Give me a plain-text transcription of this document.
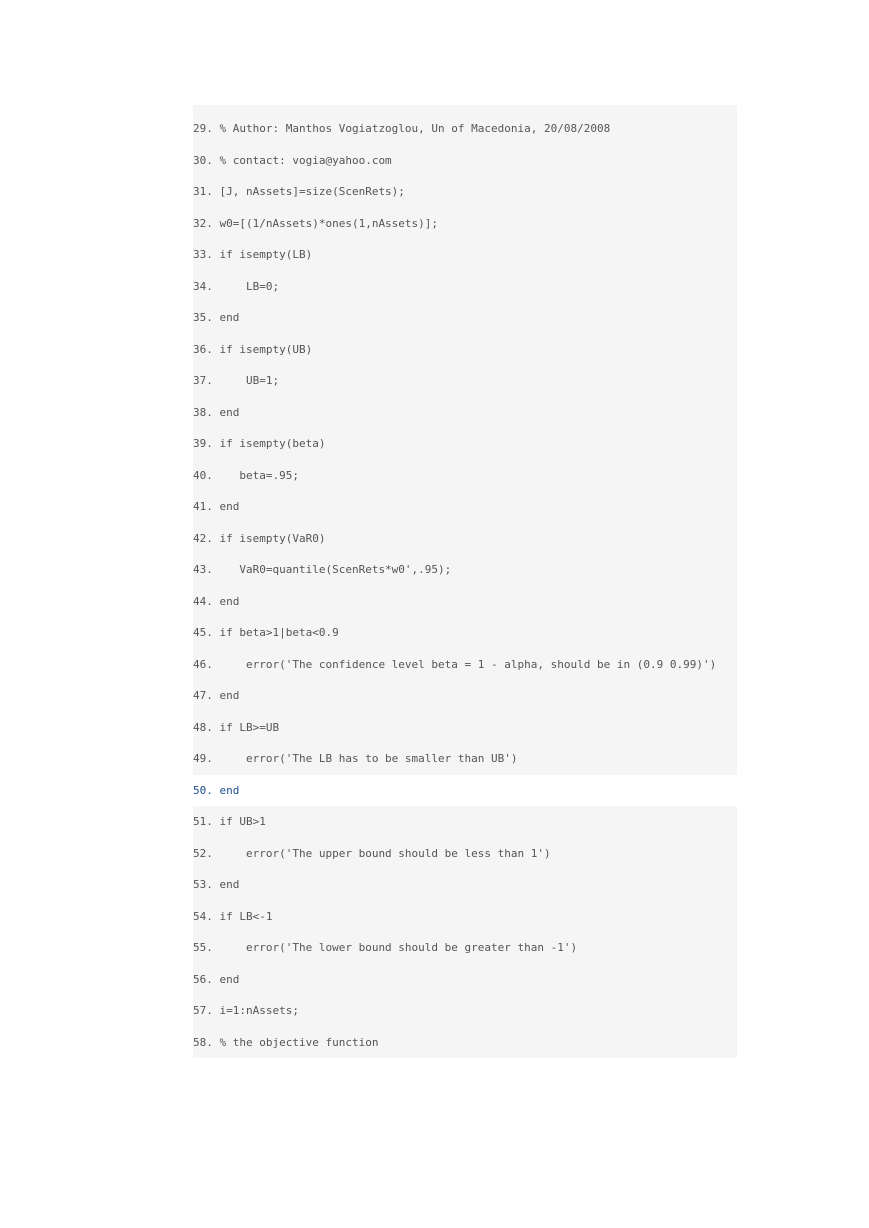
29. % Author: Manthos Vogiatzoglou, Un of Macedonia, 20/08/2008
30. % contact: vogia@yahoo.com
31. [J, nAssets]=size(ScenRets);
32. w0=[(1/nAssets)*ones(1,nAssets)];
33. if isempty(LB)
34.     LB=0;
35. end
36. if isempty(UB)
37.     UB=1;
38. end
39. if isempty(beta)
40.    beta=.95;
41. end
42. if isempty(VaR0)
43.    VaR0=quantile(ScenRets*w0',.95);
44. end
45. if beta>1|beta<0.9
46.     error('The confidence level beta = 1 - alpha, should be in (0.9 0.99)')
47. end
48. if LB>=UB
49.     error('The LB has to be smaller than UB')
50. end
51. if UB>1
52.     error('The upper bound should be less than 1')
53. end
54. if LB<-1
55.     error('The lower bound should be greater than -1')
56. end
57. i=1:nAssets;
58. % the objective function
